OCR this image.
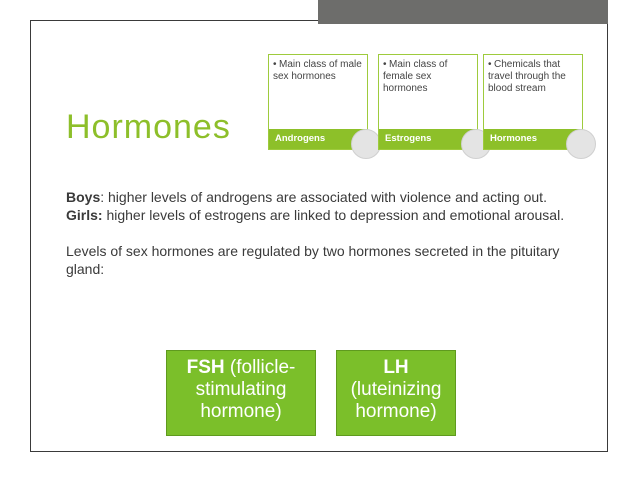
Hormones
• Main class of male sex hormones
Androgens
• Main class of female sex hormones
Estrogens
• Chemicals that travel through the blood stream
Hormones

Boys: higher levels of androgens are associated with violence and acting out.

Girls: higher levels of estrogens are linked to depression and emotional arousal.

Levels of sex hormones are regulated by two hormones secreted in the pituitary gland:

FSH (follicle-stimulating hormone)
LH
(luteinizing hormone)
